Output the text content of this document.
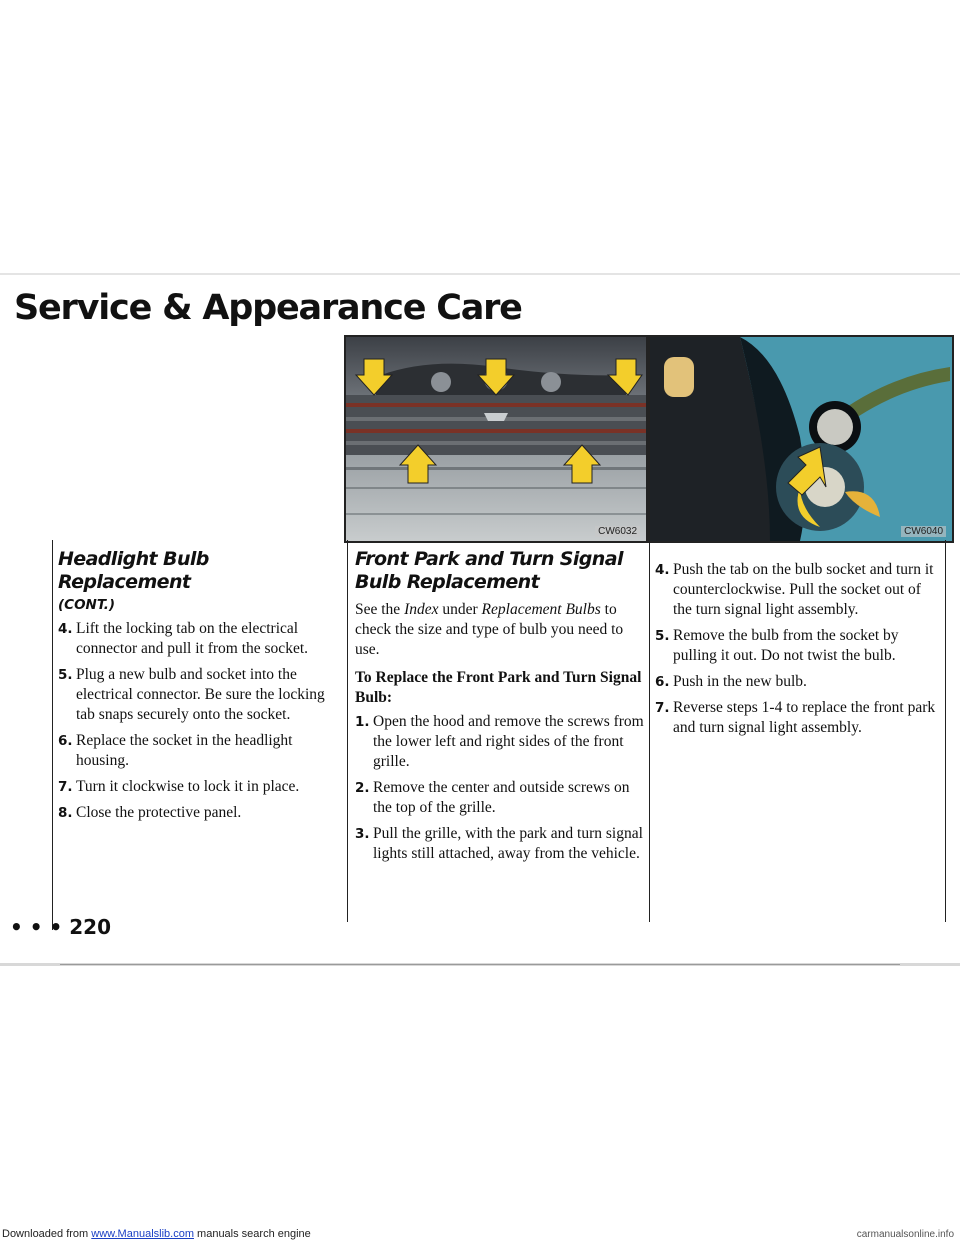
Service & Appearance Care
CW6032	CW6040
Headlight Bulb Replacement
(CONT.)
4. Lift the locking tab on the electrical connector and pull it from the socket.
5. Plug a new bulb and socket into the electrical connector. Be sure the locking tab snaps securely onto the socket.
6. Replace the socket in the headlight housing.
7. Turn it clockwise to lock it in place.
8. Close the protective panel.
Front Park and Turn Signal Bulb Replacement

See the Index under Replacement Bulbs to check the size and type of bulb you need to use.

To Replace the Front Park and Turn Signal Bulb:

1. Open the hood and remove the screws from the lower left and right sides of the front grille.
2. Remove the center and outside screws on the top of the grille.
3. Pull the grille, with the park and turn signal lights still attached, away from the vehicle.
4. Push the tab on the bulb socket and turn it counterclockwise. Pull the socket out of the turn signal light assembly.
5. Remove the bulb from the socket by pulling it out. Do not twist the bulb.
6. Push in the new bulb.
7. Reverse steps 1-4 to replace the front park and turn signal light assembly.
• • • 220
Downloaded from www.Manualslib.com manuals search engine	carmanualsonline.info
